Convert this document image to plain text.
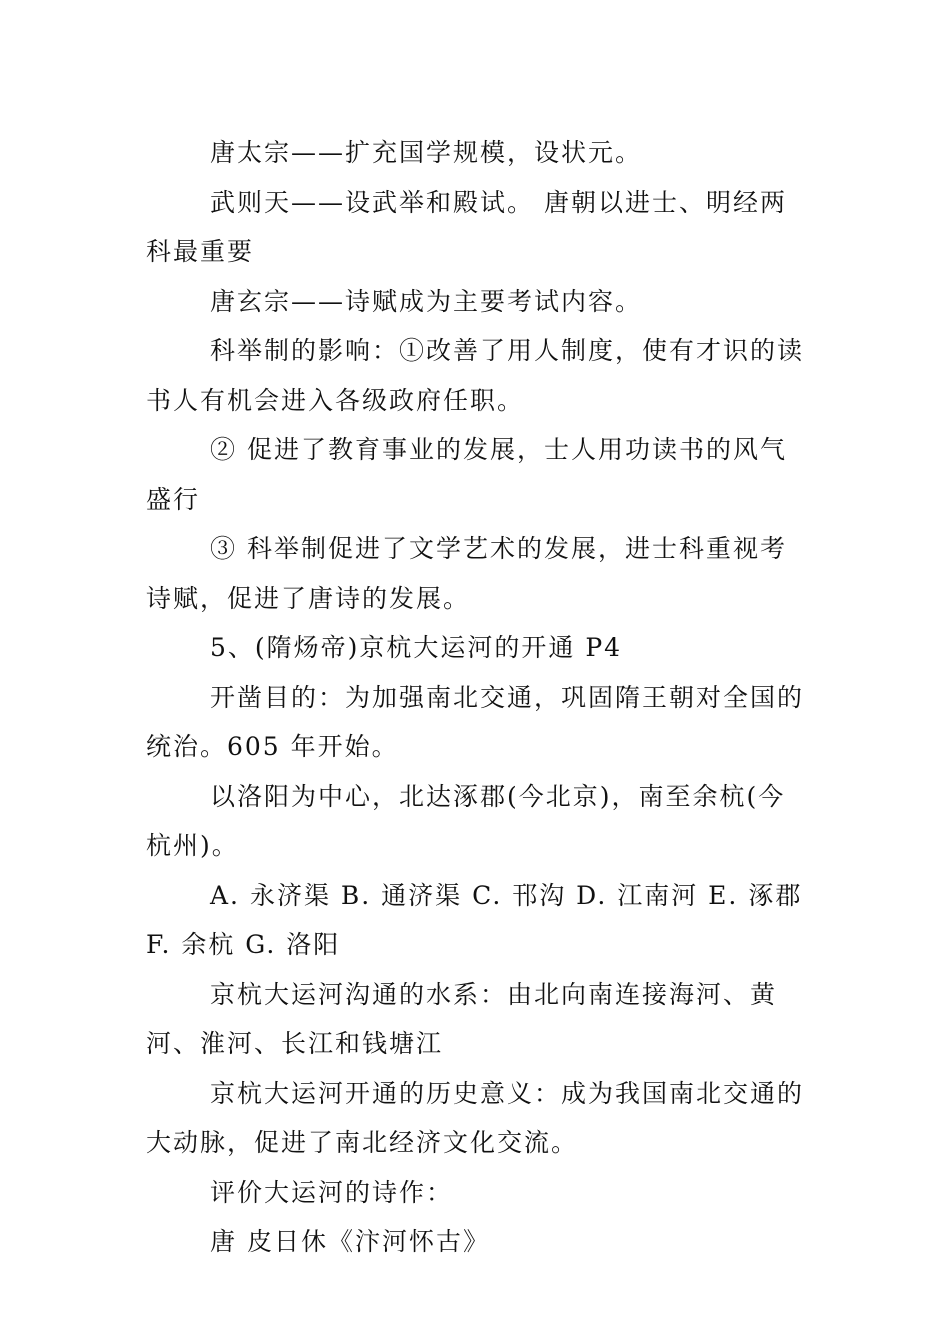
唐太宗——扩充国学规模，设状元。

武则天——设武举和殿试。 唐朝以进士、明经两科最重要

唐玄宗——诗赋成为主要考试内容。

科举制的影响：①改善了用人制度，使有才识的读书人有机会进入各级政府任职。

② 促进了教育事业的发展，士人用功读书的风气盛行

③ 科举制促进了文学艺术的发展，进士科重视考诗赋，促进了唐诗的发展。

5、(隋炀帝)京杭大运河的开通 P4

开凿目的：为加强南北交通，巩固隋王朝对全国的统治。605 年开始。

以洛阳为中心，北达涿郡(今北京)，南至余杭(今杭州)。

A. 永济渠 B. 通济渠 C. 邗沟 D. 江南河 E. 涿郡 F. 余杭 G. 洛阳

京杭大运河沟通的水系：由北向南连接海河、黄河、淮河、长江和钱塘江

京杭大运河开通的历史意义：成为我国南北交通的大动脉，促进了南北经济文化交流。

评价大运河的诗作：

唐 皮日休《汴河怀古》
